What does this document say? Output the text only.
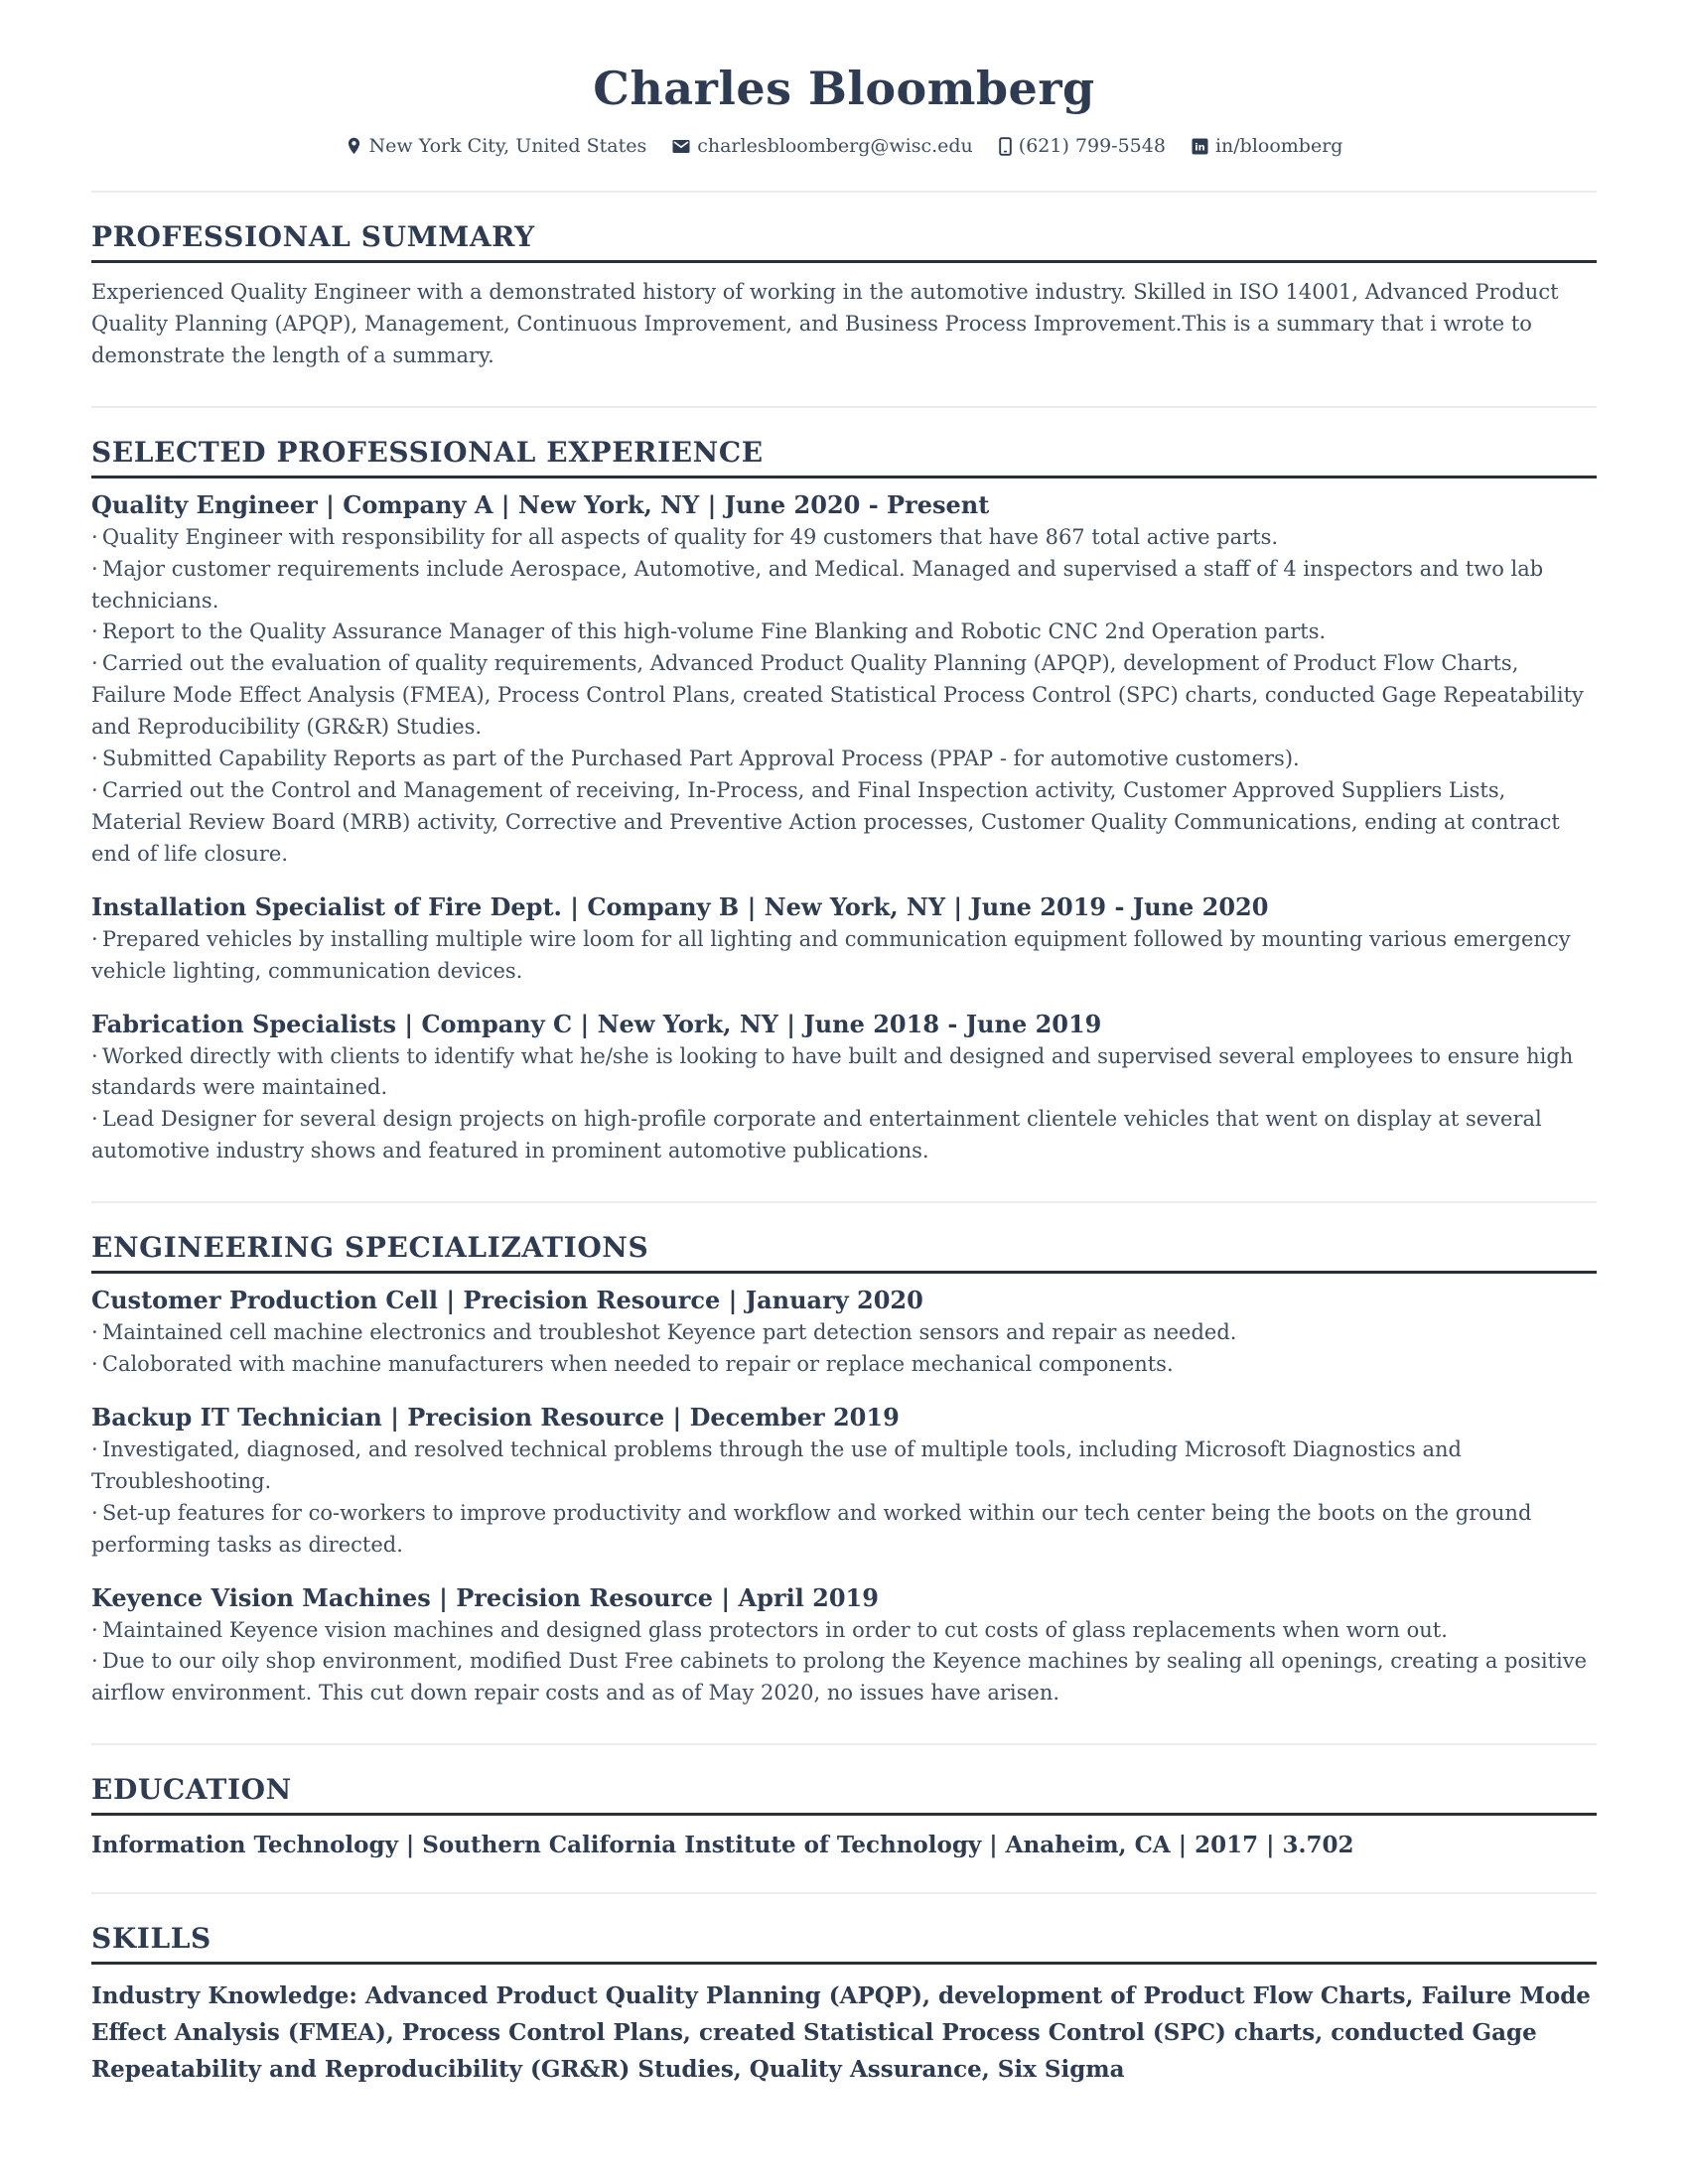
Charles Bloomberg
New York City, United States	charlesbloomberg@wisc.edu (621) 799-5548	in in/bloomberg
PROFESSIONAL SUMMARY

Experienced Quality Engineer with a demonstrated history of working in the automotive industry. Skilled in ISO 14001, Advanced Product Quality Planning (APQP), Management, Continuous Improvement, and Business Process Improvement.This is a summary that i wrote to demonstrate the length of a summary.

SELECTED PROFESSIONAL EXPERIENCE
Quality Engineer | Company A | New York, NY | June 2020 - Present
· Quality Engineer with responsibility for all aspects of quality for 49 customers that have 867 total active parts.
· Major customer requirements include Aerospace, Automotive, and Medical. Managed and supervised a staff of 4 inspectors and two lab technicians.
· Report to the Quality Assurance Manager of this high-volume Fine Blanking and Robotic CNC 2nd Operation parts.
· Carried out the evaluation of quality requirements, Advanced Product Quality Planning (APQP), development of Product Flow Charts, Failure Mode Effect Analysis (FMEA), Process Control Plans, created Statistical Process Control (SPC) charts, conducted Gage Repeatability and Reproducibility (GR&R) Studies.
· Submitted Capability Reports as part of the Purchased Part Approval Process (PPAP - for automotive customers).
· Carried out the Control and Management of receiving, In-Process, and Final Inspection activity, Customer Approved Suppliers Lists, Material Review Board (MRB) activity, Corrective and Preventive Action processes, Customer Quality Communications, ending at contract end of life closure.
Installation Specialist of Fire Dept. | Company B | New York, NY | June 2019 - June 2020
· Prepared vehicles by installing multiple wire loom for all lighting and communication equipment followed by mounting various emergency vehicle lighting, communication devices.
Fabrication Specialists | Company C | New York, NY | June 2018 - June 2019
· Worked directly with clients to identify what he/she is looking to have built and designed and supervised several employees to ensure high standards were maintained.
· Lead Designer for several design projects on high-profile corporate and entertainment clientele vehicles that went on display at several automotive industry shows and featured in prominent automotive publications.
ENGINEERING SPECIALIZATIONS
Customer Production Cell | Precision Resource | January 2020
· Maintained cell machine electronics and troubleshot Keyence part detection sensors and repair as needed.
· Caloborated with machine manufacturers when needed to repair or replace mechanical components.
Backup IT Technician | Precision Resource | December 2019
· Investigated, diagnosed, and resolved technical problems through the use of multiple tools, including Microsoft Diagnostics and Troubleshooting.
· Set-up features for co-workers to improve productivity and workflow and worked within our tech center being the boots on the ground performing tasks as directed.
Keyence Vision Machines | Precision Resource | April 2019
· Maintained Keyence vision machines and designed glass protectors in order to cut costs of glass replacements when worn out.
· Due to our oily shop environment, modified Dust Free cabinets to prolong the Keyence machines by sealing all openings, creating a positive airflow environment. This cut down repair costs and as of May 2020, no issues have arisen.
EDUCATION

Information Technology | Southern California Institute of Technology | Anaheim, CA | 2017 | 3.702

SKILLS

Industry Knowledge: Advanced Product Quality Planning (APQP), development of Product Flow Charts, Failure Mode Effect Analysis (FMEA), Process Control Plans, created Statistical Process Control (SPC) charts, conducted Gage Repeatability and Reproducibility (GR&R) Studies, Quality Assurance, Six Sigma
